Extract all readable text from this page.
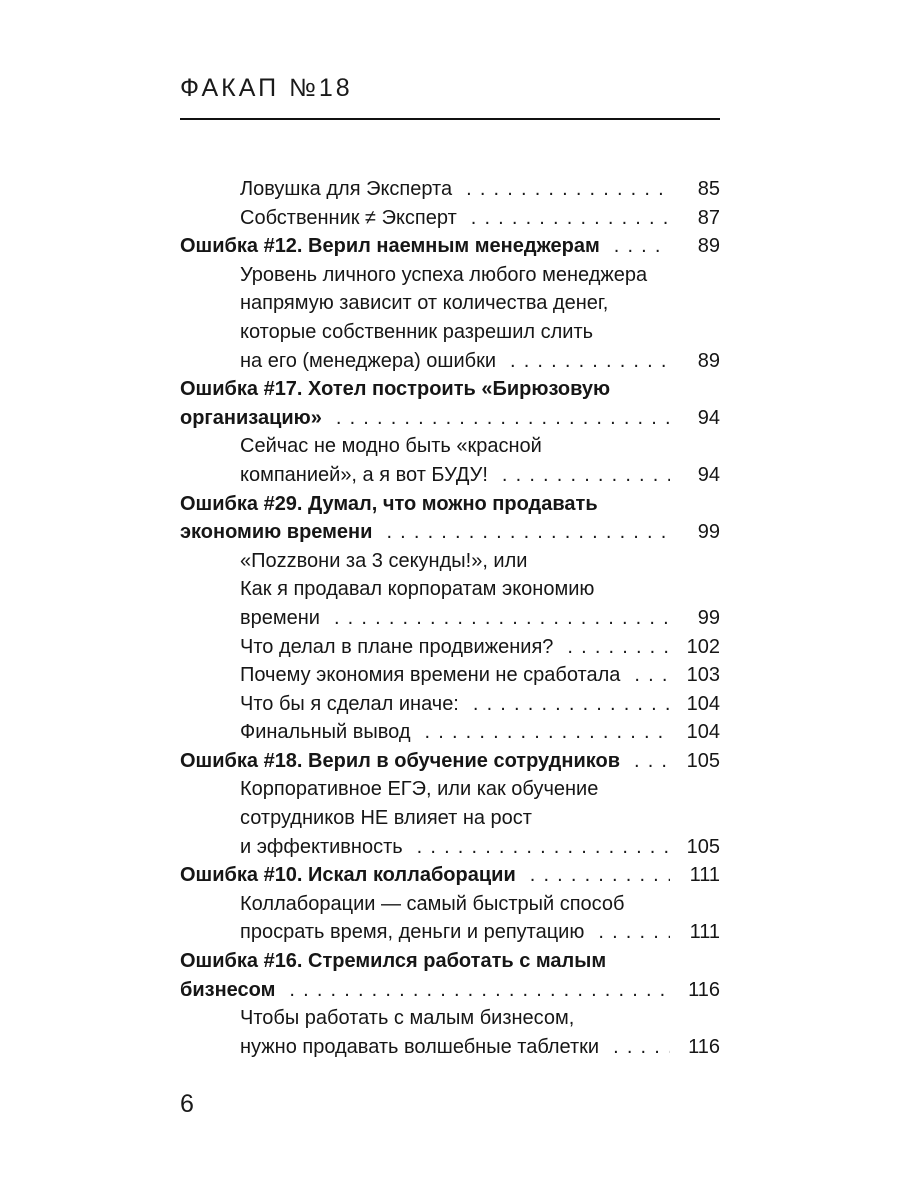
ФАКАП №18
Ловушка для Эксперта . . .	85
Собственник ≠ Эксперт . . .	87
Ошибка #12. Верил наемным менеджерам . . .	89
Уровень личного успеха любого менеджера
напрямую зависит от количества денег,
которые собственник разрешил слить
на его (менеджера) ошибки . . .	89
Ошибка #17. Хотел построить «Бирюзовую
организацию» . . .	94
Сейчас не модно быть «красной
компанией», а я вот БУДУ! . . .	94
Ошибка #29. Думал, что можно продавать
экономию времени . . .	99
«Поzzвони за 3 секунды!», или
Как я продавал корпоратам экономию
времени . . .	99
Что делал в плане продвижения? . . .	102
Почему экономия времени не сработала . . .	103
Что бы я сделал иначе: . . .	104
Финальный вывод . . .	104
Ошибка #18. Верил в обучение сотрудников . . .	105
Корпоративное ЕГЭ, или как обучение
сотрудников НЕ влияет на рост
и эффективность . . .	105
Ошибка #10. Искал коллаборации . . .	111
Коллаборации — самый быстрый способ
просрать время, деньги и репутацию . . .	111
Ошибка #16. Стремился работать с малым
бизнесом . . .	116
Чтобы работать с малым бизнесом,
нужно продавать волшебные таблетки . . .	116
6
